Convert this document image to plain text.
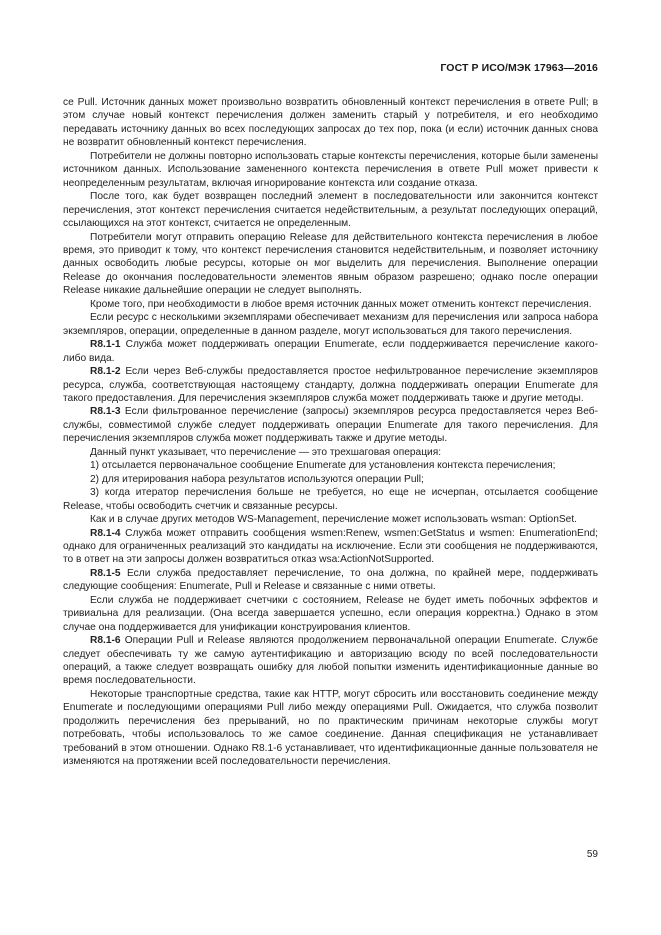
ГОСТ Р ИСО/МЭК 17963—2016

се Pull. Источник данных может произвольно возвратить обновленный контекст перечисления в ответе Pull; в этом случае новый контекст перечисления должен заменить старый у потребителя, и его необходимо передавать источнику данных во всех последующих запросах до тех пор, пока (и если) источник данных снова не возвратит обновленный контекст перечисления.

Потребители не должны повторно использовать старые контексты перечисления, которые были заменены источником данных. Использование замененного контекста перечисления в ответе Pull может привести к неопределенным результатам, включая игнорирование контекста или создание отказа.

После того, как будет возвращен последний элемент в последовательности или закончится контекст перечисления, этот контекст перечисления считается недействительным, а результат последующих операций, ссылающихся на этот контекст, считается не определенным.

Потребители могут отправить операцию Release для действительного контекста перечисления в любое время, это приводит к тому, что контекст перечисления становится недействительным, и позволяет источнику данных освободить любые ресурсы, которые он мог выделить для перечисления. Выполнение операции Release до окончания последовательности элементов явным образом разрешено; однако после операции Release никакие дальнейшие операции не следует выполнять.

Кроме того, при необходимости в любое время источник данных может отменить контекст перечисления.

Если ресурс с несколькими экземплярами обеспечивает механизм для перечисления или запроса набора экземпляров, операции, определенные в данном разделе, могут использоваться для такого перечисления.

R8.1-1 Служба может поддерживать операции Enumerate, если поддерживается перечисление какого-либо вида.

R8.1-2 Если через Веб-службы предоставляется простое нефильтрованное перечисление экземпляров ресурса, служба, соответствующая настоящему стандарту, должна поддерживать операции Enumerate для такого предоставления. Для перечисления экземпляров служба может поддерживать также и другие методы.

R8.1-3 Если фильтрованное перечисление (запросы) экземпляров ресурса предоставляется через Веб-службы, совместимой службе следует поддерживать операции Enumerate для такого перечисления. Для перечисления экземпляров служба может поддерживать также и другие методы.

Данный пункт указывает, что перечисление — это трехшаговая операция:

1) отсылается первоначальное сообщение Enumerate для установления контекста перечисления;

2) для итерирования набора результатов используются операции Pull;

3) когда итератор перечисления больше не требуется, но еще не исчерпан, отсылается сообщение Release, чтобы освободить счетчик и связанные ресурсы.

Как и в случае других методов WS-Management, перечисление может использовать wsman: OptionSet.

R8.1-4 Служба может отправить сообщения wsmen:Renew, wsmen:GetStatus и wsmen: EnumerationEnd; однако для ограниченных реализаций это кандидаты на исключение. Если эти сообщения не поддерживаются, то в ответ на эти запросы должен возвратиться отказ wsa:ActionNotSupported.

R8.1-5 Если служба предоставляет перечисление, то она должна, по крайней мере, поддерживать следующие сообщения: Enumerate, Pull и Release и связанные с ними ответы.

Если служба не поддерживает счетчики с состоянием, Release не будет иметь побочных эффектов и тривиальна для реализации. (Она всегда завершается успешно, если операция корректна.) Однако в этом случае она поддерживается для унификации конструирования клиентов.

R8.1-6 Операции Pull и Release являются продолжением первоначальной операции Enumerate. Службе следует обеспечивать ту же самую аутентификацию и авторизацию всюду по всей последовательности операций, а также следует возвращать ошибку для любой попытки изменить идентификационные данные во время последовательности.

Некоторые транспортные средства, такие как HTTP, могут сбросить или восстановить соединение между Enumerate и последующими операциями Pull либо между операциями Pull. Ожидается, что служба позволит продолжить перечисления без прерываний, но по практическим причинам некоторые службы могут потребовать, чтобы использовалось то же самое соединение. Данная спецификация не устанавливает требований в этом отношении. Однако R8.1-6 устанавливает, что идентификационные данные пользователя не изменяются на протяжении всей последовательности перечисления.

59
